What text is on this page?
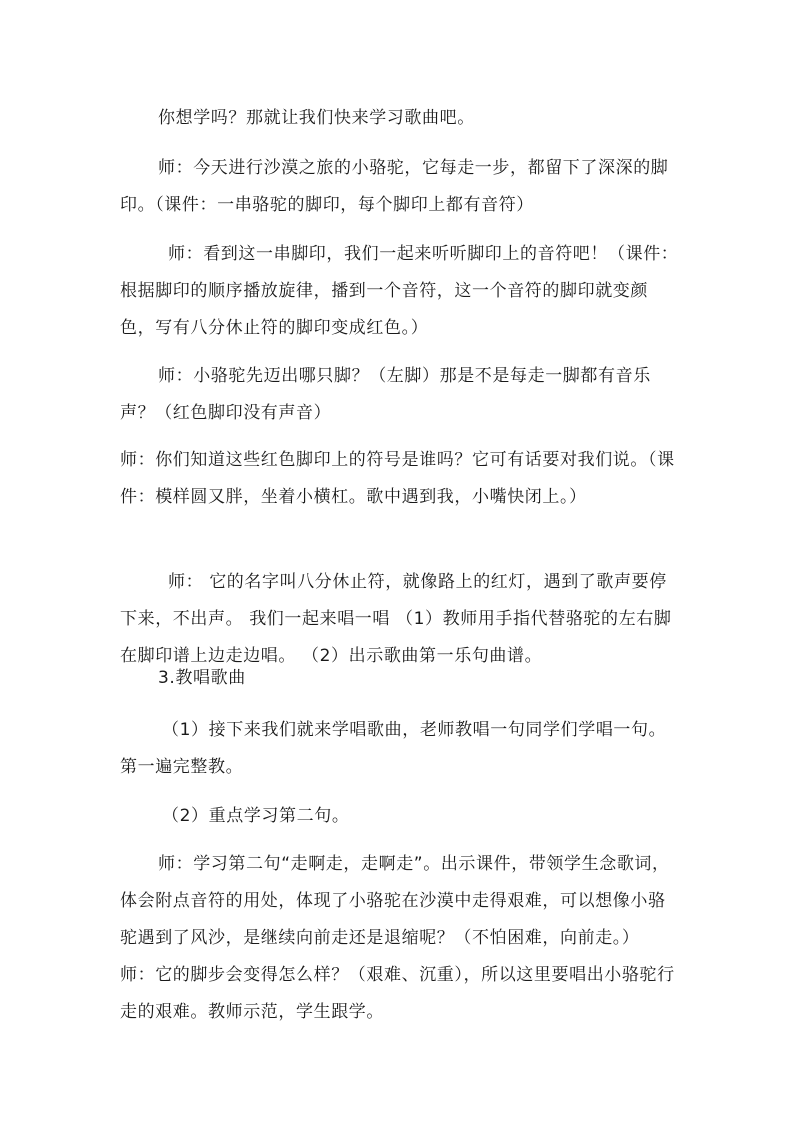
你想学吗？那就让我们快来学习歌曲吧。

师：今天进行沙漠之旅的小骆驼，它每走一步，都留下了深深的脚印。（课件：一串骆驼的脚印，每个脚印上都有音符）

师：看到这一串脚印，我们一起来听听脚印上的音符吧！（课件：根据脚印的顺序播放旋律，播到一个音符，这一个音符的脚印就变颜色，写有八分休止符的脚印变成红色。）

师：小骆驼先迈出哪只脚？（左脚）那是不是每走一脚都有音乐声？（红色脚印没有声音）

师：你们知道这些红色脚印上的符号是谁吗？它可有话要对我们说。（课件：模样圆又胖，坐着小横杠。歌中遇到我，小嘴快闭上。）

师： 它的名字叫八分休止符，就像路上的红灯，遇到了歌声要停下来，不出声。 我们一起来唱一唱 （1）教师用手指代替骆驼的左右脚在脚印谱上边走边唱。 （2）出示歌曲第一乐句曲谱。

3.教唱歌曲

（1）接下来我们就来学唱歌曲，老师教唱一句同学们学唱一句。第一遍完整教。

（2）重点学习第二句。

师：学习第二句“走啊走，走啊走”。出示课件，带领学生念歌词，体会附点音符的用处，体现了小骆驼在沙漠中走得艰难，可以想像小骆驼遇到了风沙，是继续向前走还是退缩呢？（不怕困难，向前走。） 师：它的脚步会变得怎么样？（艰难、沉重），所以这里要唱出小骆驼行走的艰难。教师示范，学生跟学。
